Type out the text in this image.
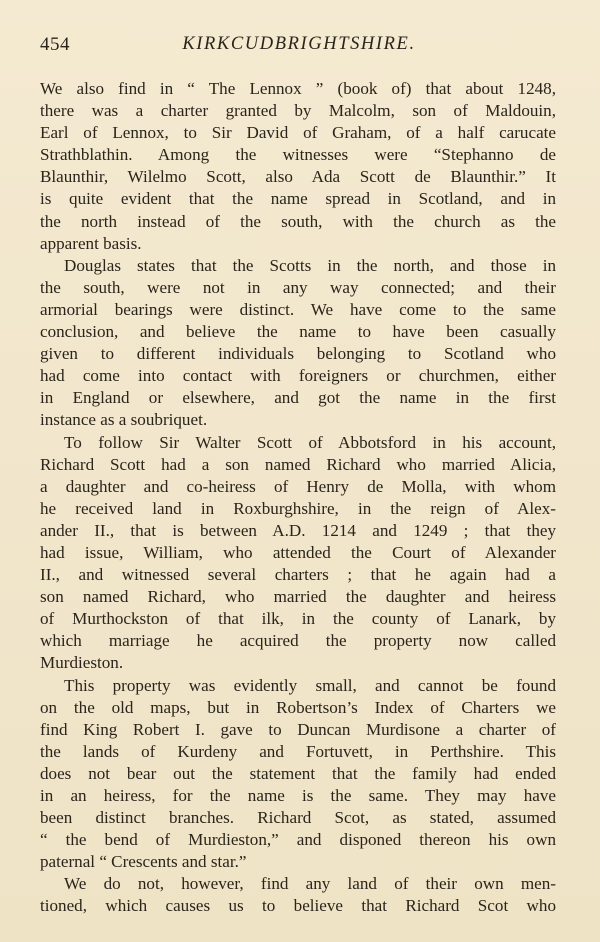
454	KIRKCUDBRIGHTSHIRE.
We also find in “ The Lennox ” (book of) that about 1248,
there was a charter granted by Malcolm, son of Maldouin,
Earl of Lennox, to Sir David of Graham, of a half carucate
Strathblathin. Among the witnesses were “Stephanno de
Blaunthir, Wilelmo Scott, also Ada Scott de Blaunthir.” It
is quite evident that the name spread in Scotland, and in
the north instead of the south, with the church as the
apparent basis.
Douglas states that the Scotts in the north, and those in
the south, were not in any way connected; and their
armorial bearings were distinct. We have come to the same
conclusion, and believe the name to have been casually
given to different individuals belonging to Scotland who
had come into contact with foreigners or churchmen, either
in England or elsewhere, and got the name in the first
instance as a soubriquet.
To follow Sir Walter Scott of Abbotsford in his account,
Richard Scott had a son named Richard who married Alicia,
a daughter and co-heiress of Henry de Molla, with whom
he received land in Roxburghshire, in the reign of Alex-
ander II., that is between A.D. 1214 and 1249 ; that they
had issue, William, who attended the Court of Alexander
II., and witnessed several charters ; that he again had a
son named Richard, who married the daughter and heiress
of Murthockston of that ilk, in the county of Lanark, by
which marriage he acquired the property now called
Murdieston.
This property was evidently small, and cannot be found
on the old maps, but in Robertson’s Index of Charters we
find King Robert I. gave to Duncan Murdisone a charter of
the lands of Kurdeny and Fortuvett, in Perthshire. This
does not bear out the statement that the family had ended
in an heiress, for the name is the same. They may have
been distinct branches. Richard Scot, as stated, assumed
“ the bend of Murdieston,” and disponed thereon his own
paternal “ Crescents and star.”
We do not, however, find any land of their own men-
tioned, which causes us to believe that Richard Scot who
